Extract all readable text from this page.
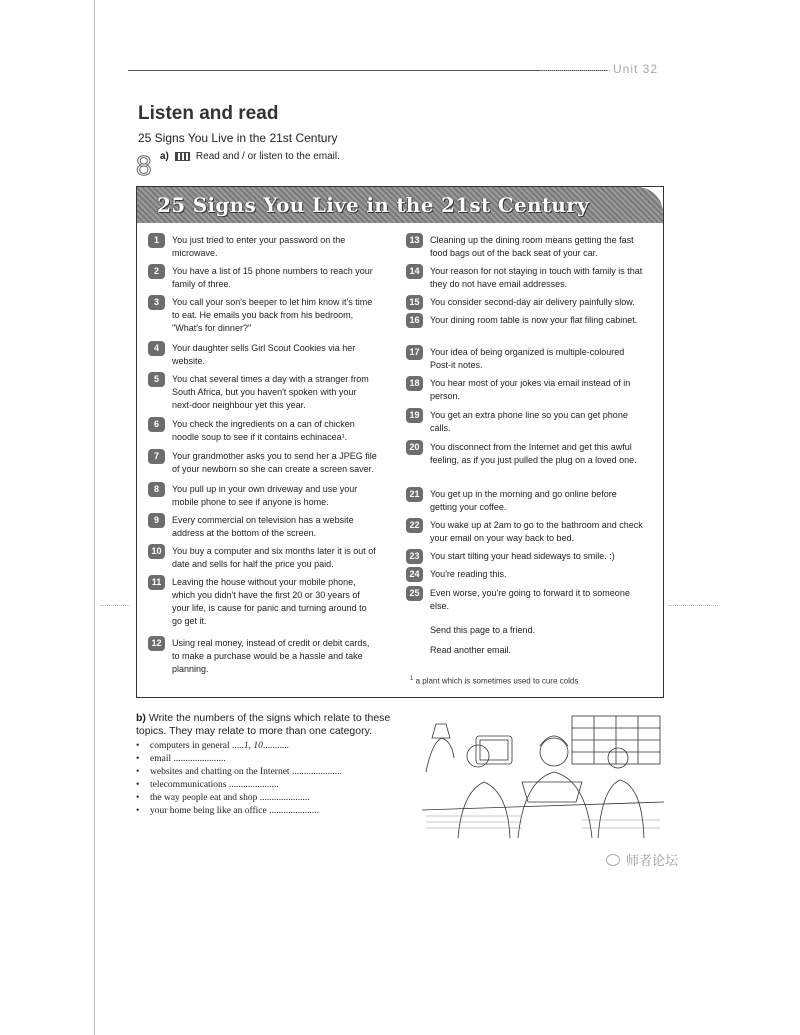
Unit 32
Listen and read
25 Signs You Live in the 21st Century
8 a)	Read and / or listen to the email.
25 Signs You Live in the 21st Century
1	You just tried to enter your password on the microwave.
2	You have a list of 15 phone numbers to reach your family of three.
3	You call your son's beeper to let him know it's time to eat. He emails you back from his bedroom, "What's for dinner?"
4	Your daughter sells Girl Scout Cookies via her website.
5	You chat several times a day with a stranger from South Africa, but you haven't spoken with your next-door neighbour yet this year.
6	You check the ingredients on a can of chicken noodle soup to see if it contains echinacea¹.
7	Your grandmother asks you to send her a JPEG file of your newborn so she can create a screen saver.
8	You pull up in your own driveway and use your mobile phone to see if anyone is home.
9	Every commercial on television has a website address at the bottom of the screen.
10	You buy a computer and six months later it is out of date and sells for half the price you paid.
11	Leaving the house without your mobile phone, which you didn't have the first 20 or 30 years of your life, is cause for panic and turning around to go get it.
12	Using real money, instead of credit or debit cards, to make a purchase would be a hassle and take planning.
13	Cleaning up the dining room means getting the fast food bags out of the back seat of your car.
14	Your reason for not staying in touch with family is that they do not have email addresses.
15	You consider second-day air delivery painfully slow.
16	Your dining room table is now your flat filing cabinet.
17	Your idea of being organized is multiple-coloured Post-it notes.
18	You hear most of your jokes via email instead of in person.
19	You get an extra phone line so you can get phone calls.
20	You disconnect from the Internet and get this awful feeling, as if you just pulled the plug on a loved one.
21	You get up in the morning and go online before getting your coffee.
22	You wake up at 2am to go to the bathroom and check your email on your way back to bed.
23	You start tilting your head sideways to smile. :)
24	You're reading this.
25	Even worse, you're going to forward it to someone else.
Send this page to a friend.
Read another email.
$^1$ a plant which is sometimes used to cure colds
b) Write the numbers of the signs which relate to these topics. They may relate to more than one category.
• computers in general .....1, 10...........
• email ......................
• websites and chatting on the Internet .....................
• telecommunications .....................
• the way people eat and shop .....................
• your home being like an office .....................
师者论坛
